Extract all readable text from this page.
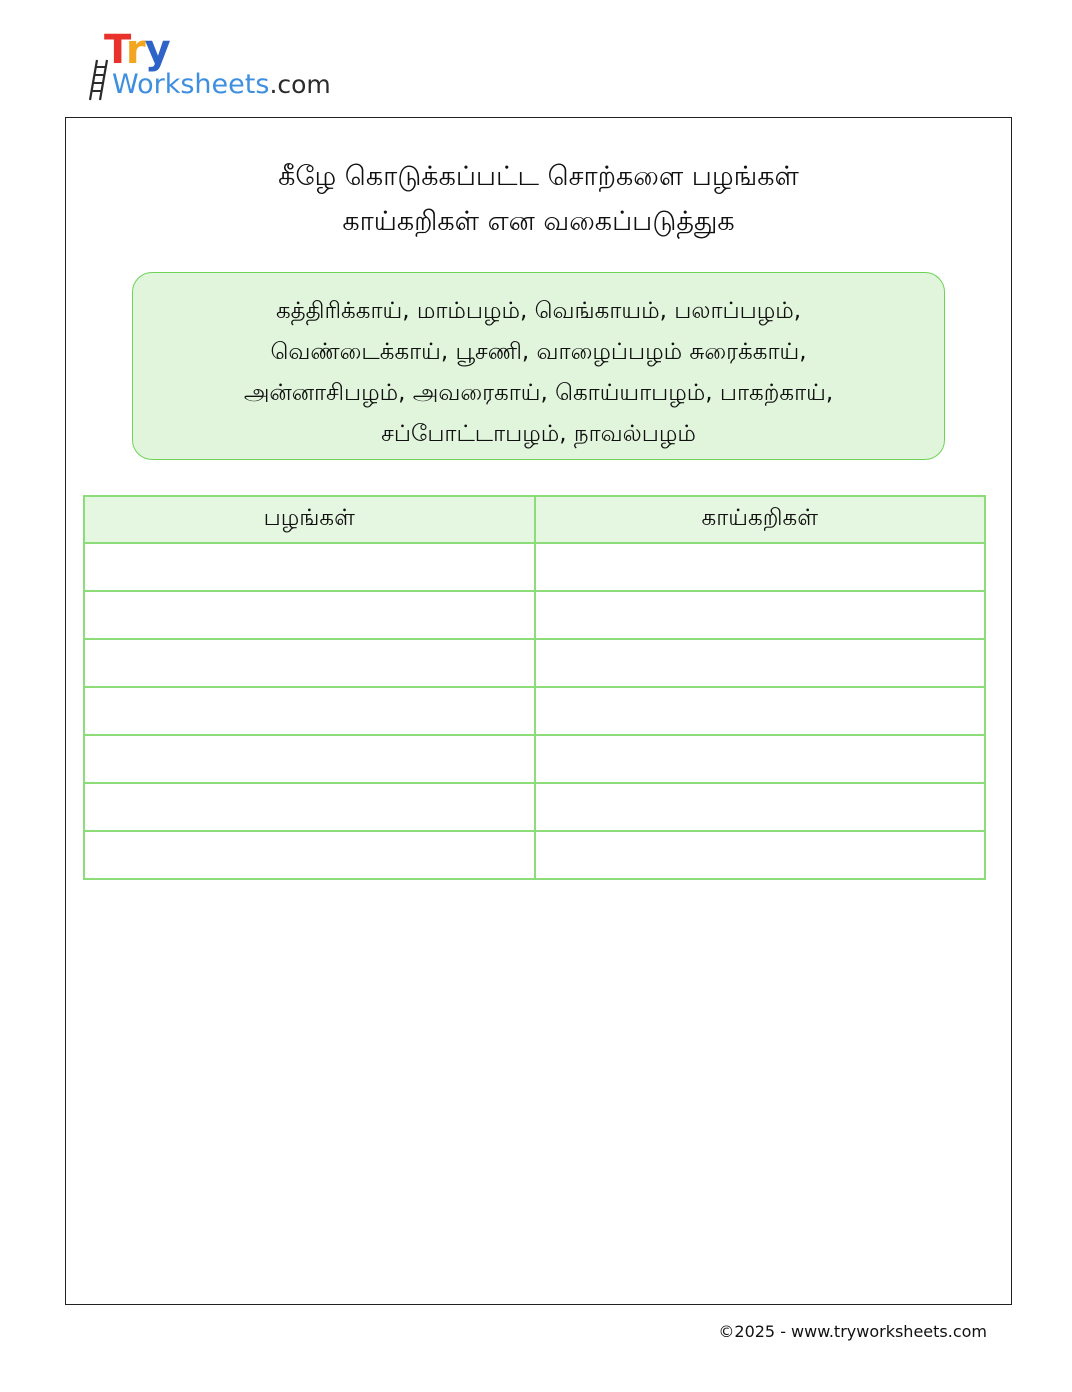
Try
Worksheets.com
கீழே கொடுக்கப்பட்ட சொற்களை பழங்கள்
காய்கறிகள் என வகைப்படுத்துக
கத்திரிக்காய், மாம்பழம், வெங்காயம், பலாப்பழம்,
வெண்டைக்காய், பூசணி, வாழைப்பழம் சுரைக்காய்,
அன்னாசிபழம், அவரைகாய், கொய்யாபழம், பாகற்காய்,
சப்போட்டாபழம், நாவல்பழம்
பழங்கள்	காய்கறிகள்

©2025 - www.tryworksheets.com
